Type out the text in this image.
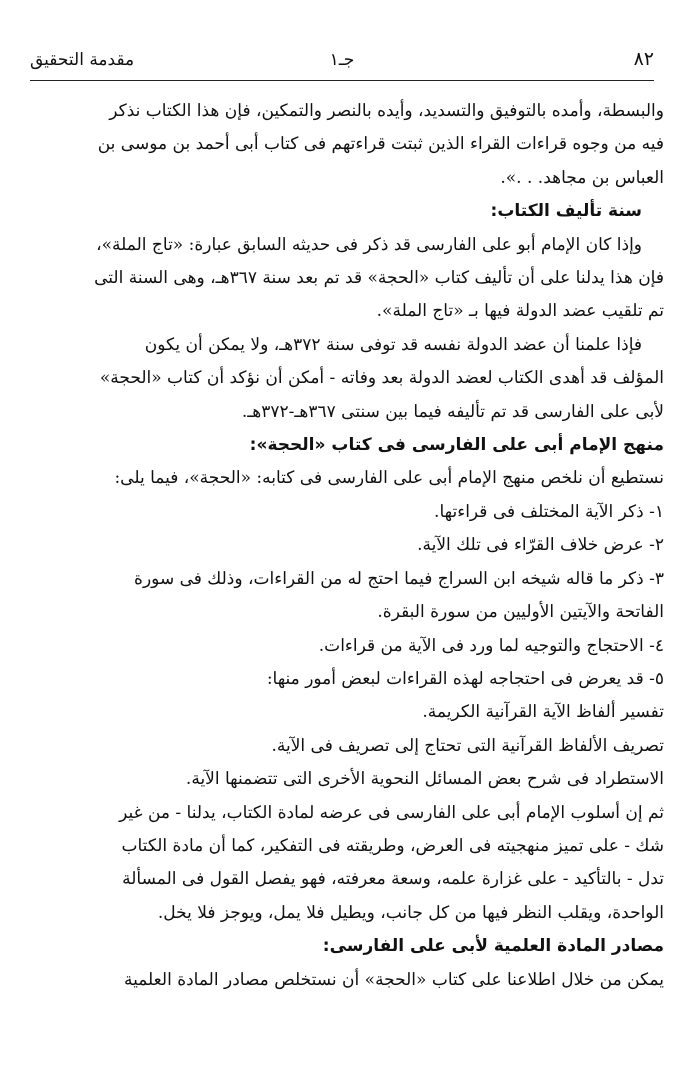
مقدمة التحقيق	جـ١	٨٢
والبسطة، وأمده بالتوفيق والتسديد، وأيده بالنصر والتمكين، فإن هذا الكتاب نذكر
فيه من وجوه قراءات القراء الذين ثبتت قراءتهم فى كتاب أبى أحمد بن موسى بن
العباس بن مجاهد. . .».
سنة تأليف الكتاب:
وإذا كان الإمام أبو على الفارسى قد ذكر فى حديثه السابق عبارة: «تاج الملة»،
فإن هذا يدلنا على أن تأليف كتاب «الحجة» قد تم بعد سنة ٣٦٧هـ، وهى السنة التى
تم تلقيب عضد الدولة فيها بـ «تاج الملة».
فإذا علمنا أن عضد الدولة نفسه قد توفى سنة ٣٧٢هـ، ولا يمكن أن يكون
المؤلف قد أهدى الكتاب لعضد الدولة بعد وفاته - أمكن أن نؤكد أن كتاب «الحجة»
لأبى على الفارسى قد تم تأليفه فيما بين سنتى ٣٦٧هـ-٣٧٢هـ.
منهج الإمام أبى على الفارسى فى كتاب «الحجة»:
نستطيع أن نلخص منهج الإمام أبى على الفارسى فى كتابه: «الحجة»، فيما يلى:
١- ذكر الآية المختلف فى قراءتها.
٢- عرض خلاف القرّاء فى تلك الآية.
٣- ذكر ما قاله شيخه ابن السراج فيما احتج له من القراءات، وذلك فى سورة
الفاتحة والآيتين الأوليين من سورة البقرة.
٤- الاحتجاج والتوجيه لما ورد فى الآية من قراءات.
٥- قد يعرض فى احتجاجه لهذه القراءات لبعض أمور منها:
تفسير ألفاظ الآية القرآنية الكريمة.
تصريف الألفاظ القرآنية التى تحتاج إلى تصريف فى الآية.
الاستطراد فى شرح بعض المسائل النحوية الأخرى التى تتضمنها الآية.
ثم إن أسلوب الإمام أبى على الفارسى فى عرضه لمادة الكتاب، يدلنا - من غير
شك - على تميز منهجيته فى العرض، وطريقته فى التفكير، كما أن مادة الكتاب
تدل - بالتأكيد - على غزارة علمه، وسعة معرفته، فهو يفصل القول فى المسألة
الواحدة، ويقلب النظر فيها من كل جانب، ويطيل فلا يمل، ويوجز فلا يخل.
مصادر المادة العلمية لأبى على الفارسى:
يمكن من خلال اطلاعنا على كتاب «الحجة» أن نستخلص مصادر المادة العلمية
